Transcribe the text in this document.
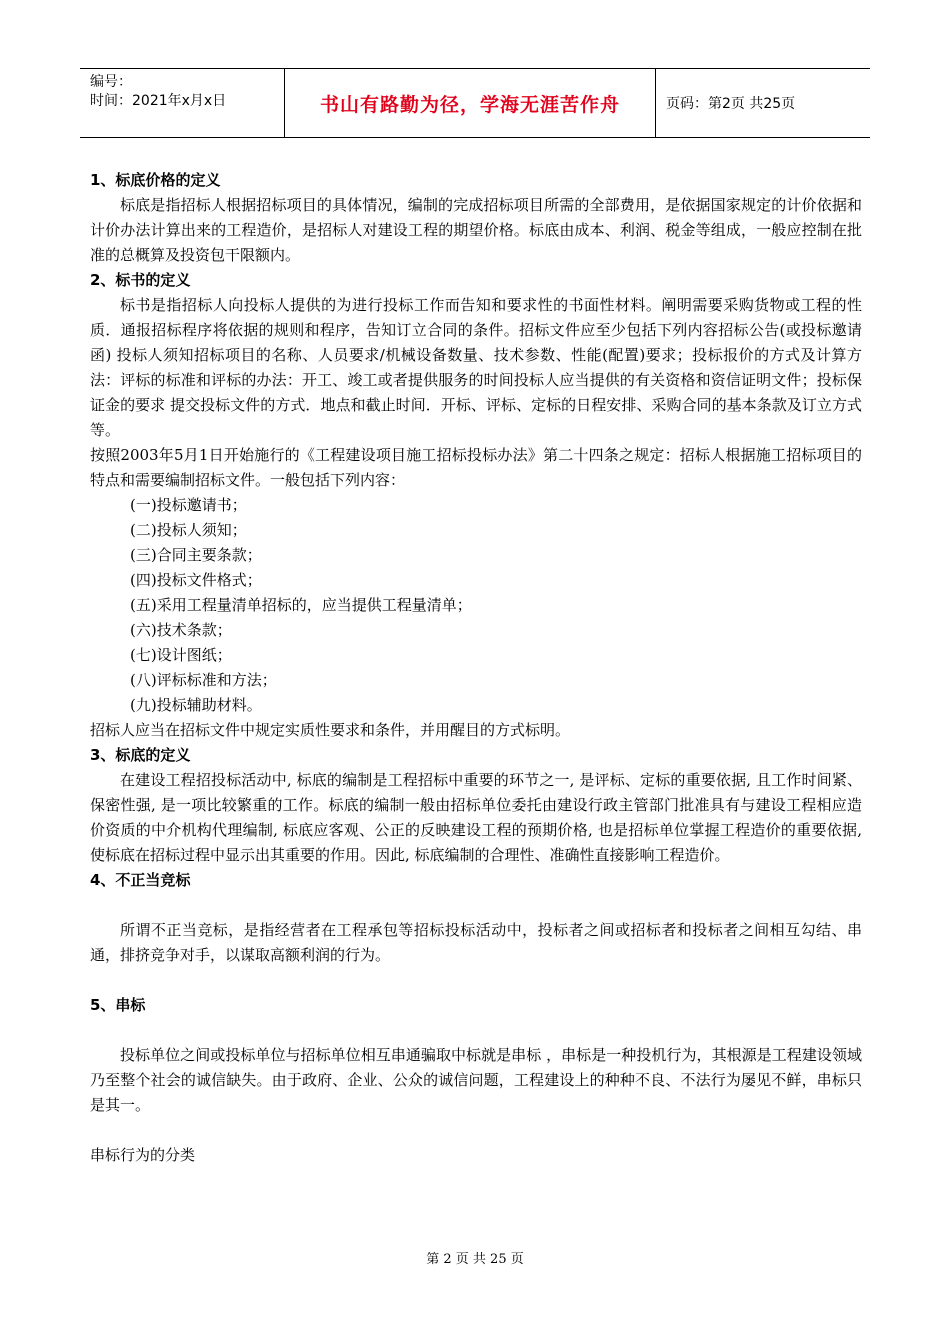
编号：
时间：2021年x月x日	书山有路勤为径，学海无涯苦作舟	页码：第2页 共25页
1、标底价格的定义
标底是指招标人根据招标项目的具体情况，编制的完成招标项目所需的全部费用，是依据国家规定的计价依据和计价办法计算出来的工程造价，是招标人对建设工程的期望价格。标底由成本、利润、税金等组成，一般应控制在批准的总概算及投资包干限额内。
2、标书的定义
标书是指招标人向投标人提供的为进行投标工作而告知和要求性的书面性材料。阐明需要采购货物或工程的性质．通报招标程序将依据的规则和程序，告知订立合同的条件。招标文件应至少包括下列内容招标公告(或投标邀请函) 投标人须知招标项目的名称、人员要求/机械设备数量、技术参数、性能(配置)要求；投标报价的方式及计算方法：评标的标准和评标的办法：开工、竣工或者提供服务的时间投标人应当提供的有关资格和资信证明文件；投标保证金的要求 提交投标文件的方式．地点和截止时间．开标、评标、定标的日程安排、采购合同的基本条款及订立方式等。
按照2003年5月1日开始施行的《工程建设项目施工招标投标办法》第二十四条之规定：招标人根据施工招标项目的特点和需要编制招标文件。一般包括下列内容：
(一)投标邀请书；
(二)投标人须知；
(三)合同主要条款；
(四)投标文件格式；
(五)采用工程量清单招标的，应当提供工程量清单；
(六)技术条款；
(七)设计图纸；
(八)评标标准和方法；
(九)投标辅助材料。
招标人应当在招标文件中规定实质性要求和条件，并用醒目的方式标明。
3、标底的定义
在建设工程招投标活动中, 标底的编制是工程招标中重要的环节之一, 是评标、定标的重要依据, 且工作时间紧、保密性强, 是一项比较繁重的工作。标底的编制一般由招标单位委托由建设行政主管部门批准具有与建设工程相应造价资质的中介机构代理编制, 标底应客观、公正的反映建设工程的预期价格, 也是招标单位掌握工程造价的重要依据, 使标底在招标过程中显示出其重要的作用。因此, 标底编制的合理性、准确性直接影响工程造价。
4、不正当竞标
所谓不正当竞标，是指经营者在工程承包等招标投标活动中，投标者之间或招标者和投标者之间相互勾结、串通，排挤竞争对手，以谋取高额利润的行为。
5、串标
投标单位之间或投标单位与招标单位相互串通骗取中标就是串标 ，串标是一种投机行为，其根源是工程建设领域乃至整个社会的诚信缺失。由于政府、企业、公众的诚信问题，工程建设上的种种不良、不法行为屡见不鲜，串标只是其一。
串标行为的分类
第 2 页 共 25 页
